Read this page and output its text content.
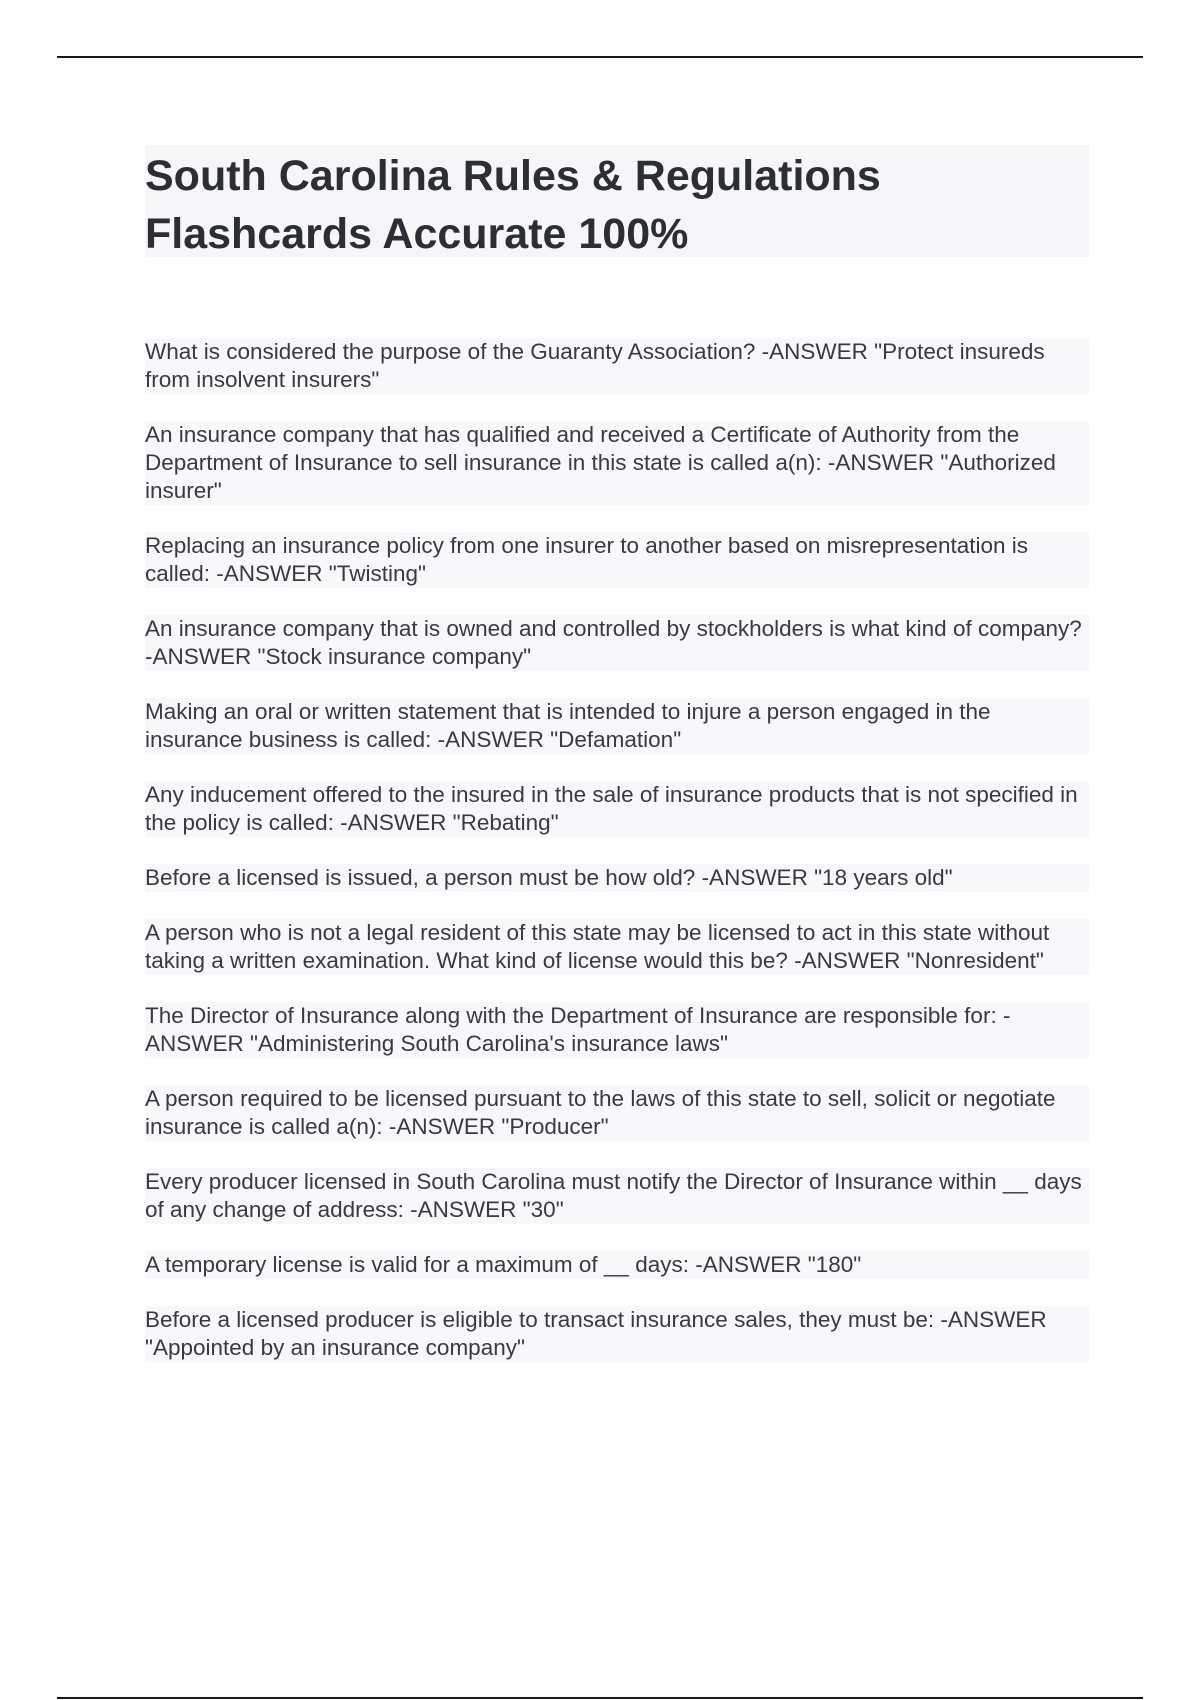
South Carolina Rules & Regulations Flashcards Accurate 100%

What is considered the purpose of the Guaranty Association? -ANSWER "Protect insureds from insolvent insurers"

An insurance company that has qualified and received a Certificate of Authority from the Department of Insurance to sell insurance in this state is called a(n): -ANSWER "Authorized insurer"

Replacing an insurance policy from one insurer to another based on misrepresentation is called: -ANSWER "Twisting"

An insurance company that is owned and controlled by stockholders is what kind of company? -ANSWER "Stock insurance company"

Making an oral or written statement that is intended to injure a person engaged in the insurance business is called: -ANSWER "Defamation"

Any inducement offered to the insured in the sale of insurance products that is not specified in the policy is called: -ANSWER "Rebating"

Before a licensed is issued, a person must be how old? -ANSWER "18 years old"

A person who is not a legal resident of this state may be licensed to act in this state without taking a written examination. What kind of license would this be? -ANSWER "Nonresident"

The Director of Insurance along with the Department of Insurance are responsible for: -ANSWER "Administering South Carolina's insurance laws"

A person required to be licensed pursuant to the laws of this state to sell, solicit or negotiate insurance is called a(n): -ANSWER "Producer"

Every producer licensed in South Carolina must notify the Director of Insurance within __ days of any change of address: -ANSWER "30"

A temporary license is valid for a maximum of __ days: -ANSWER "180"

Before a licensed producer is eligible to transact insurance sales, they must be: -ANSWER "Appointed by an insurance company"
